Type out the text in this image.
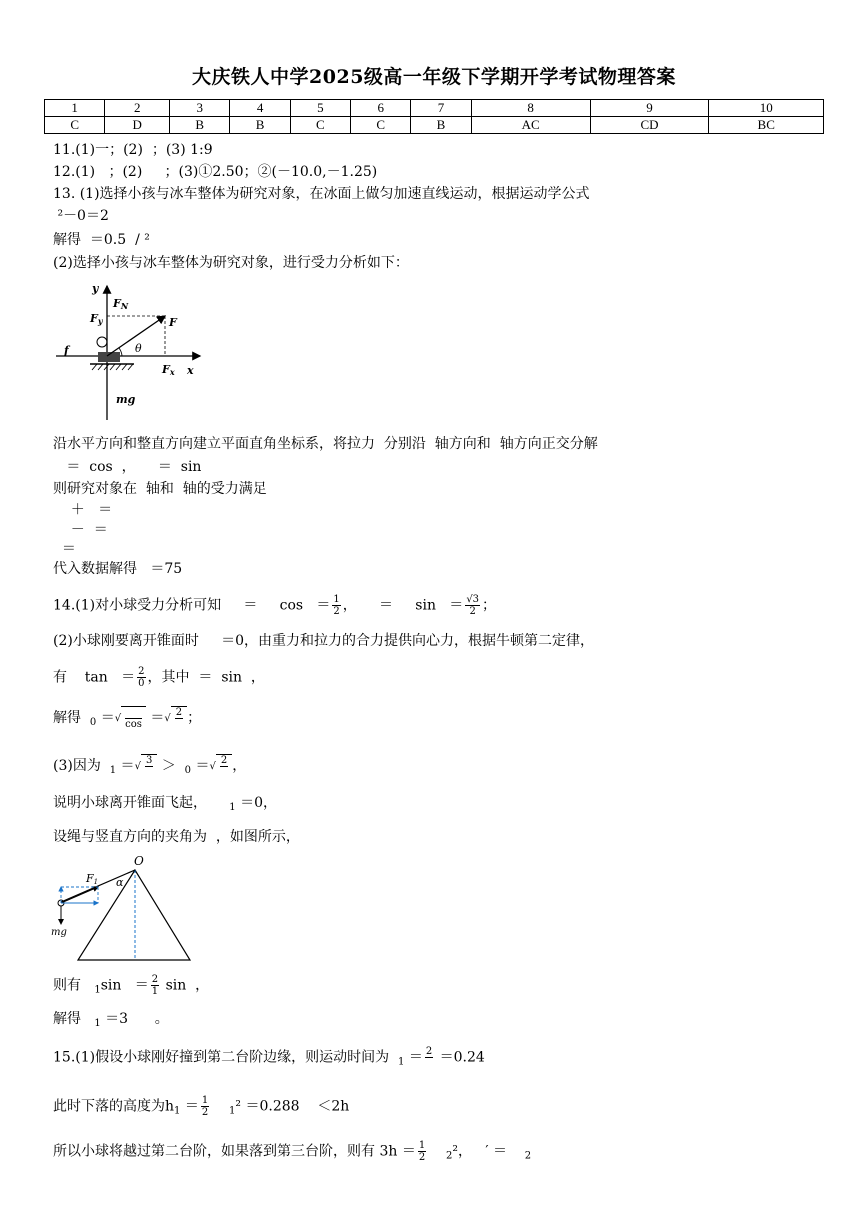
大庆铁人中学2025级高一年级下学期开学考试物理答案
1	2	3	4	5	6	7	8	9	10
C	D	B	B	C	C	B	AC	CD	BC
11.(1)一；(2)  ；(3) 1:9
12.(1)   ；(2)     ；(3)①2.50；②(－10.0,－1.25)
13. (1)选择小孩与冰车整体为研究对象，在冰面上做匀加速直线运动，根据运动学公式
²－0＝2
解得  ＝0.5  / ²
(2)选择小孩与冰车整体为研究对象，进行受力分析如下：
y
FN
Fy	F
f	θ
Fx x
mg
沿水平方向和整直方向建立平面直角坐标系，将拉力  分别沿  轴方向和  轴方向正交分解
＝  cos  ，     ＝  sin
则研究对象在  轴和  轴的受力满足
＋   ＝
－  ＝
＝
代入数据解得   ＝75
14.(1)对小球受力分析可知     ＝     $\cos = \frac{1}{2}$ ，     ＝     $\sin = \frac{√3}{2}$ ；
(2)小球刚要离开锥面时     ＝0，由重力和拉力的合力提供向心力，根据牛顿第二定律，
有    $\tan = \frac{2}{0}$ ，其中  ＝  sin  ，
解得  $_0$ ＝√
cos ＝√
2 ；
(3)因为  $_1$ ＝√
3 ＞  $_0$ ＝√
2 ，
说明小球离开锥面飞起，     $_1$ ＝0，
设绳与竖直方向的夹角为  ，如图所示，
O
F1 α
mg
则有   $_1\sin = \frac{2}{1}$ sin  ，
解得   $_1$ ＝3      。
15.(1)假设小球刚好撞到第二台阶边缘，则运动时间为  $_1$ ＝ 2 ＝0.24
此时下落的高度为$h_1 = \frac{1}{2} _1^2 =0.288$    ＜2h
所以小球将越过第二台阶，如果落到第三台阶，则有 $3h = \frac{1}{2} _2^2$，   ′ ＝    $_2$
